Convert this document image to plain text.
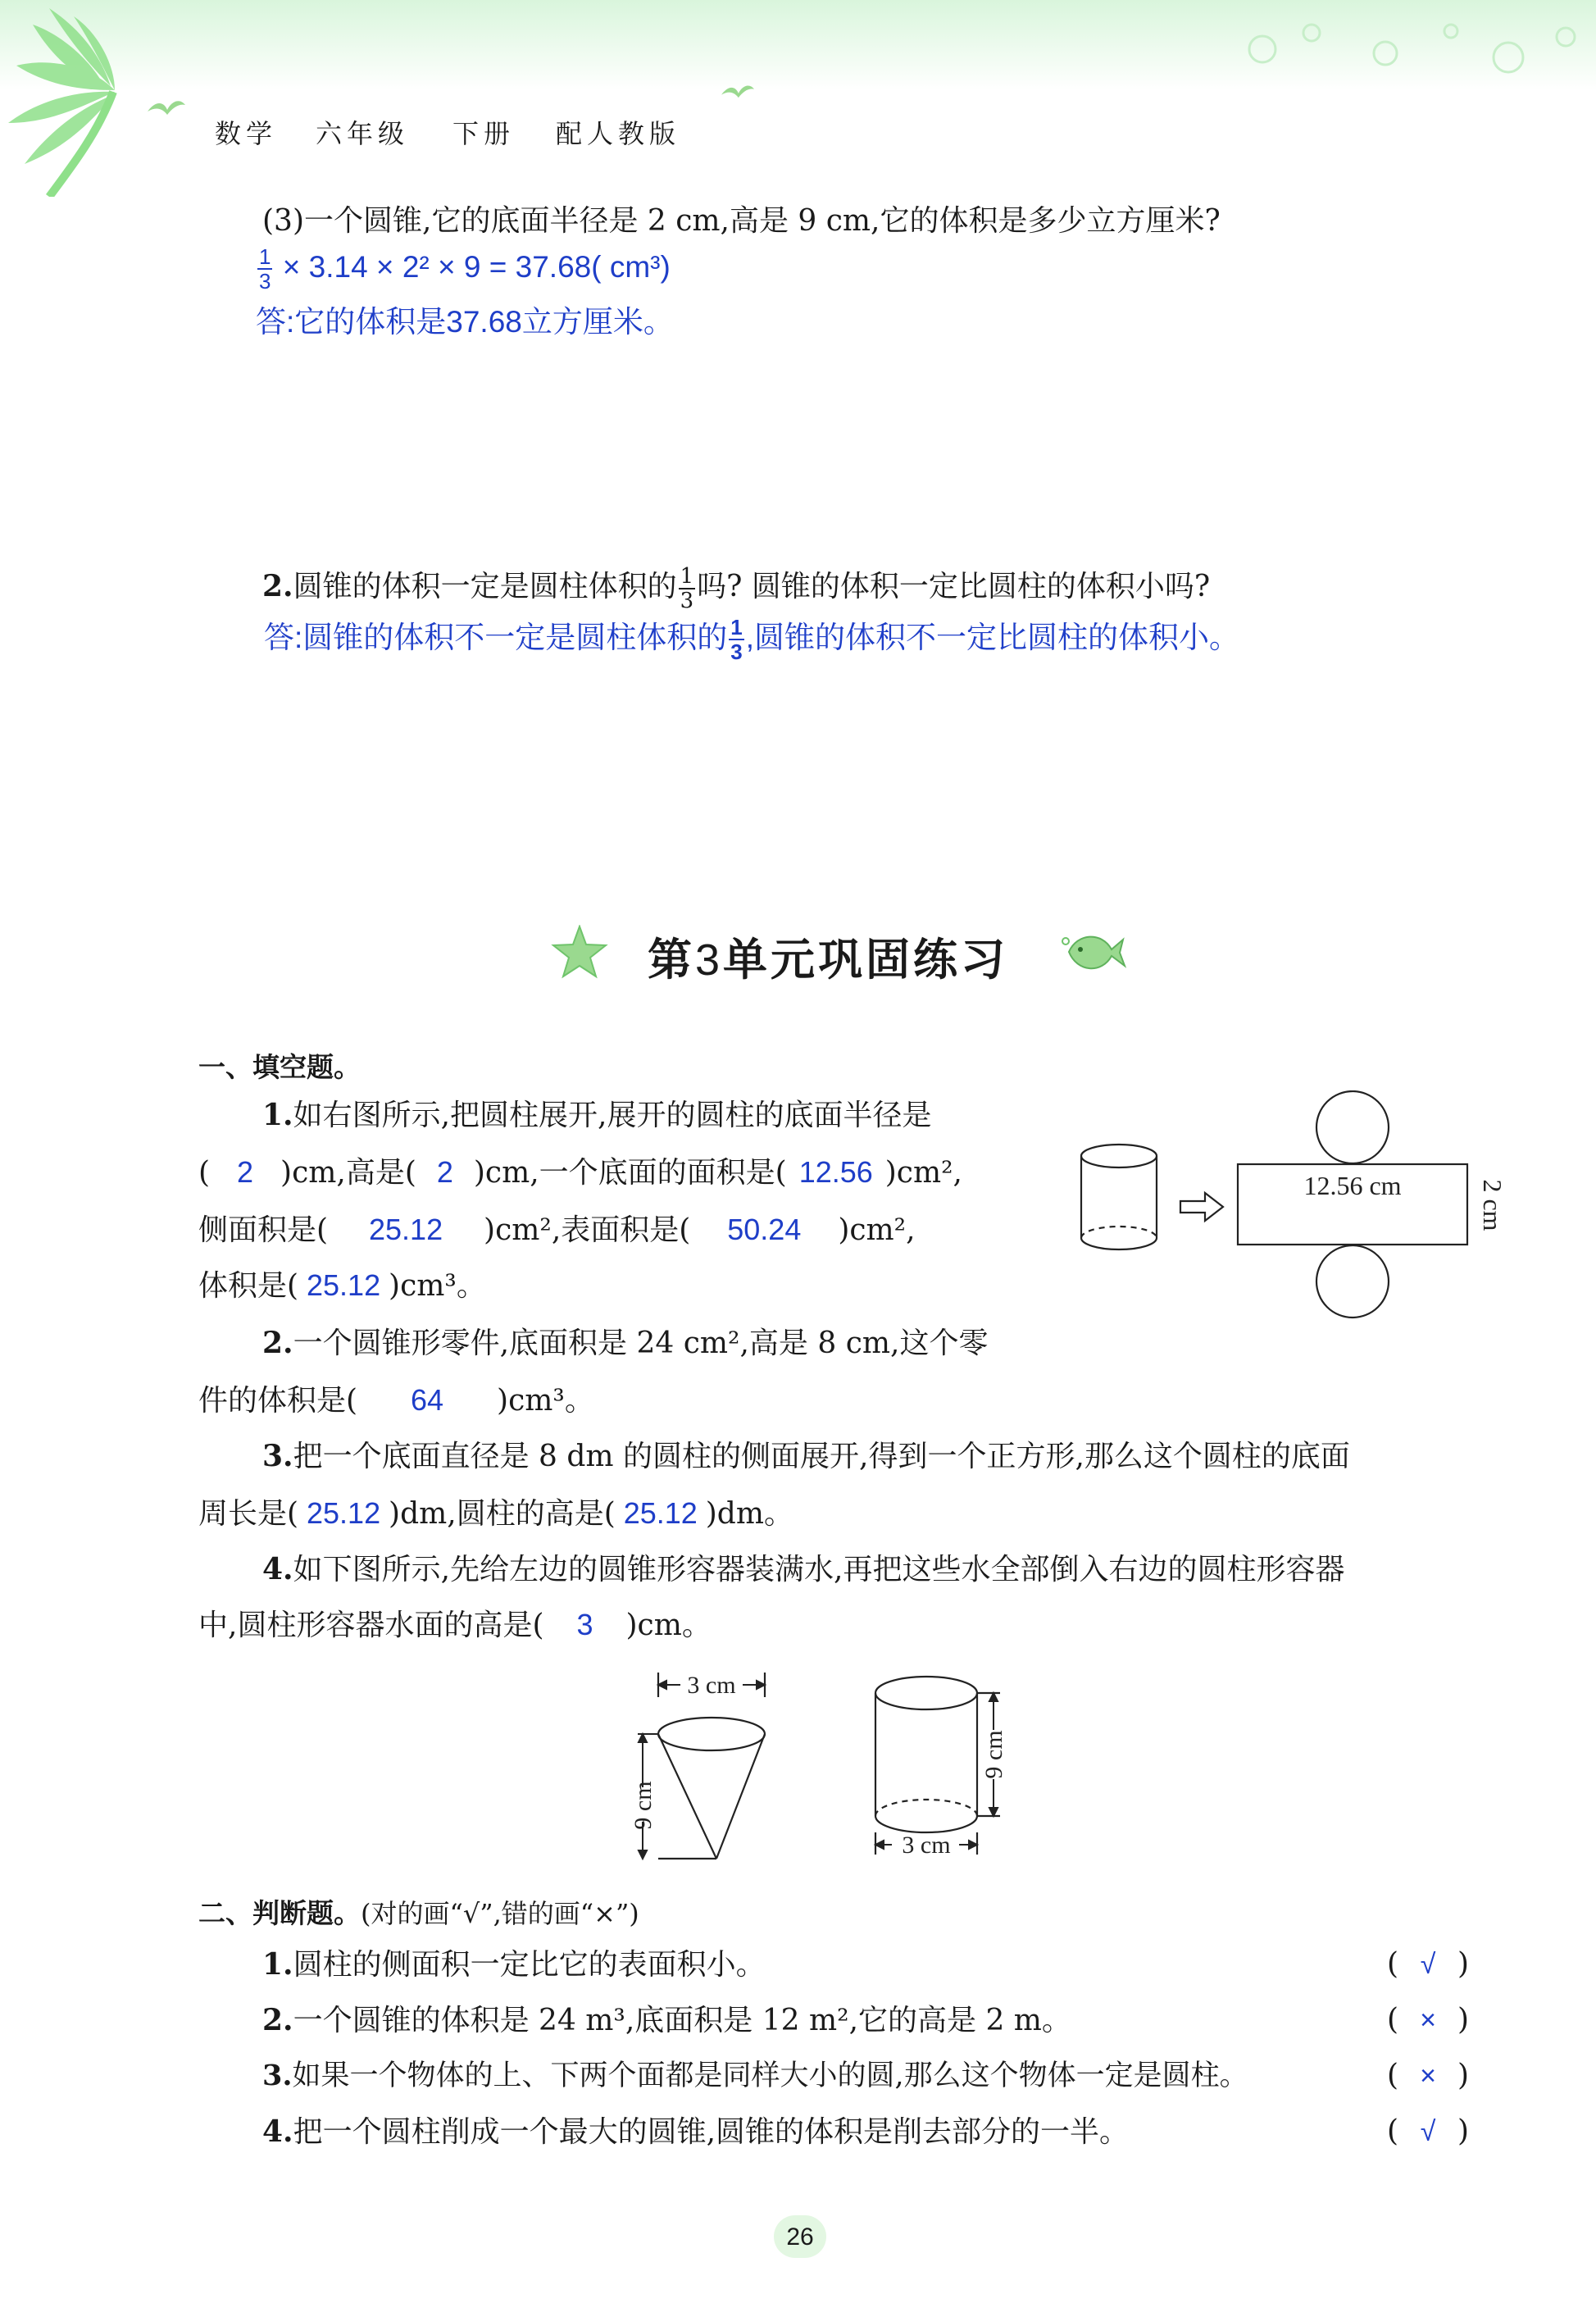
数学 六年级 下册 配人教版
(3)一个圆锥,它的底面半径是 2 cm,高是 9 cm,它的体积是多少立方厘米?
$\frac{1}{3} \times 3.14 \times 2^2 \times 9 = 37.68$( cm³)
答:它的体积是37.68立方厘米。
2.圆锥的体积一定是圆柱体积的 $\frac{1}{3}$ 吗? 圆锥的体积一定比圆柱的体积小吗?
答:圆锥的体积不一定是圆柱体积的 $\frac{1}{3}$ ,圆锥的体积不一定比圆柱的体积小。
第3单元巩固练习
一、填空题。
1.如右图所示,把圆柱展开,展开的圆柱的底面半径是
( 2 )cm,高是( 2 )cm,一个底面的面积是( 12.56 )cm²,
侧面积是( 25.12 )cm²,表面积是( 50.24 )cm²,
体积是( 25.12 )cm³。
12.56 cm	2 cm
2.一个圆锥形零件,底面积是 24 cm²,高是 8 cm,这个零
件的体积是( 64 )cm³。
3.把一个底面直径是 8 dm 的圆柱的侧面展开,得到一个正方形,那么这个圆柱的底面
周长是( 25.12 )dm,圆柱的高是( 25.12 )dm。
4.如下图所示,先给左边的圆锥形容器装满水,再把这些水全部倒入右边的圆柱形容器
中,圆柱形容器水面的高是( 3 )cm。
3 cm
9 cm
9 cm
3 cm
二、判断题。(对的画“√”,错的画“×”)
1.圆柱的侧面积一定比它的表面积小。	( √ )
2.一个圆锥的体积是 24 m³,底面积是 12 m²,它的高是 2 m。	( × )
3.如果一个物体的上、下两个面都是同样大小的圆,那么这个物体一定是圆柱。	( × )
4.把一个圆柱削成一个最大的圆锥,圆锥的体积是削去部分的一半。	( √ )
26
